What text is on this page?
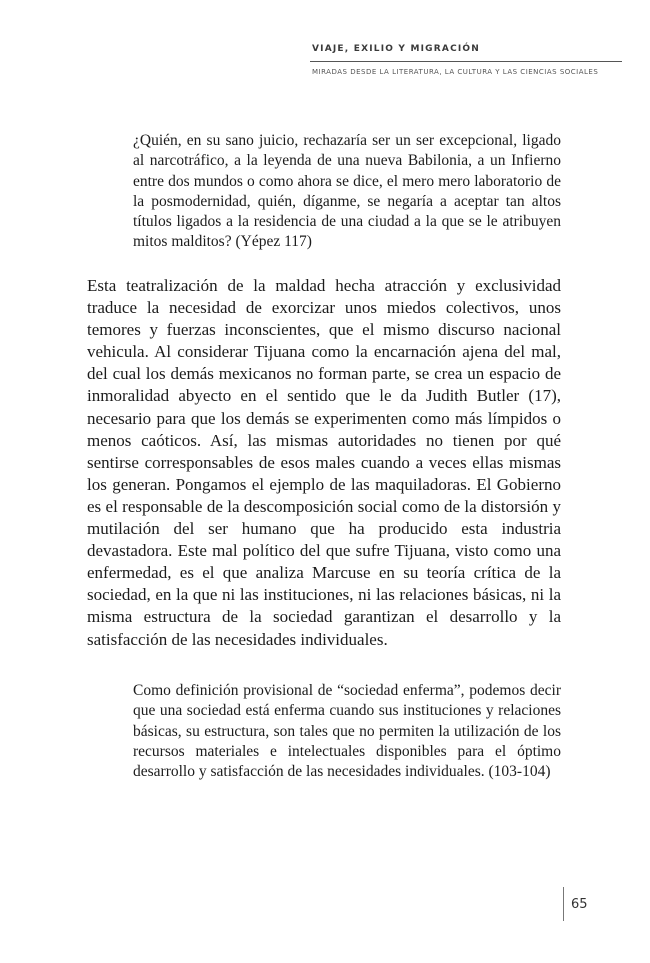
VIAJE, EXILIO Y MIGRACIÓN

MIRADAS DESDE LA LITERATURA, LA CULTURA Y LAS CIENCIAS SOCIALES

¿Quién, en su sano juicio, rechazaría ser un ser excepcional, ligado al narcotráfico, a la leyenda de una nueva Babilonia, a un Infierno entre dos mundos o como ahora se dice, el mero mero laboratorio de la posmodernidad, quién, díganme, se negaría a aceptar tan altos títulos ligados a la residencia de una ciudad a la que se le atribuyen mitos malditos? (Yépez 117)

Esta teatralización de la maldad hecha atracción y exclusividad traduce la necesidad de exorcizar unos miedos colectivos, unos temores y fuerzas inconscientes, que el mismo discurso nacional vehicula. Al considerar Tijuana como la encarnación ajena del mal, del cual los demás mexicanos no forman parte, se crea un espacio de inmoralidad abyecto en el sentido que le da Judith Butler (17), necesario para que los demás se experimenten como más límpidos o menos caóticos. Así, las mismas autoridades no tienen por qué sentirse corresponsables de esos males cuando a veces ellas mismas los generan. Pongamos el ejemplo de las maquiladoras. El Gobierno es el responsable de la descomposición social como de la distorsión y mutilación del ser humano que ha producido esta industria devastadora. Este mal político del que sufre Tijuana, visto como una enfermedad, es el que analiza Marcuse en su teoría crítica de la sociedad, en la que ni las instituciones, ni las relaciones básicas, ni la misma estructura de la sociedad garantizan el desarrollo y la satisfacción de las necesidades individuales.

Como definición provisional de “sociedad enferma”, podemos decir que una sociedad está enferma cuando sus instituciones y relaciones básicas, su estructura, son tales que no permiten la utilización de los recursos materiales e intelectuales disponibles para el óptimo desarrollo y satisfacción de las necesidades individuales. (103-104)

65
